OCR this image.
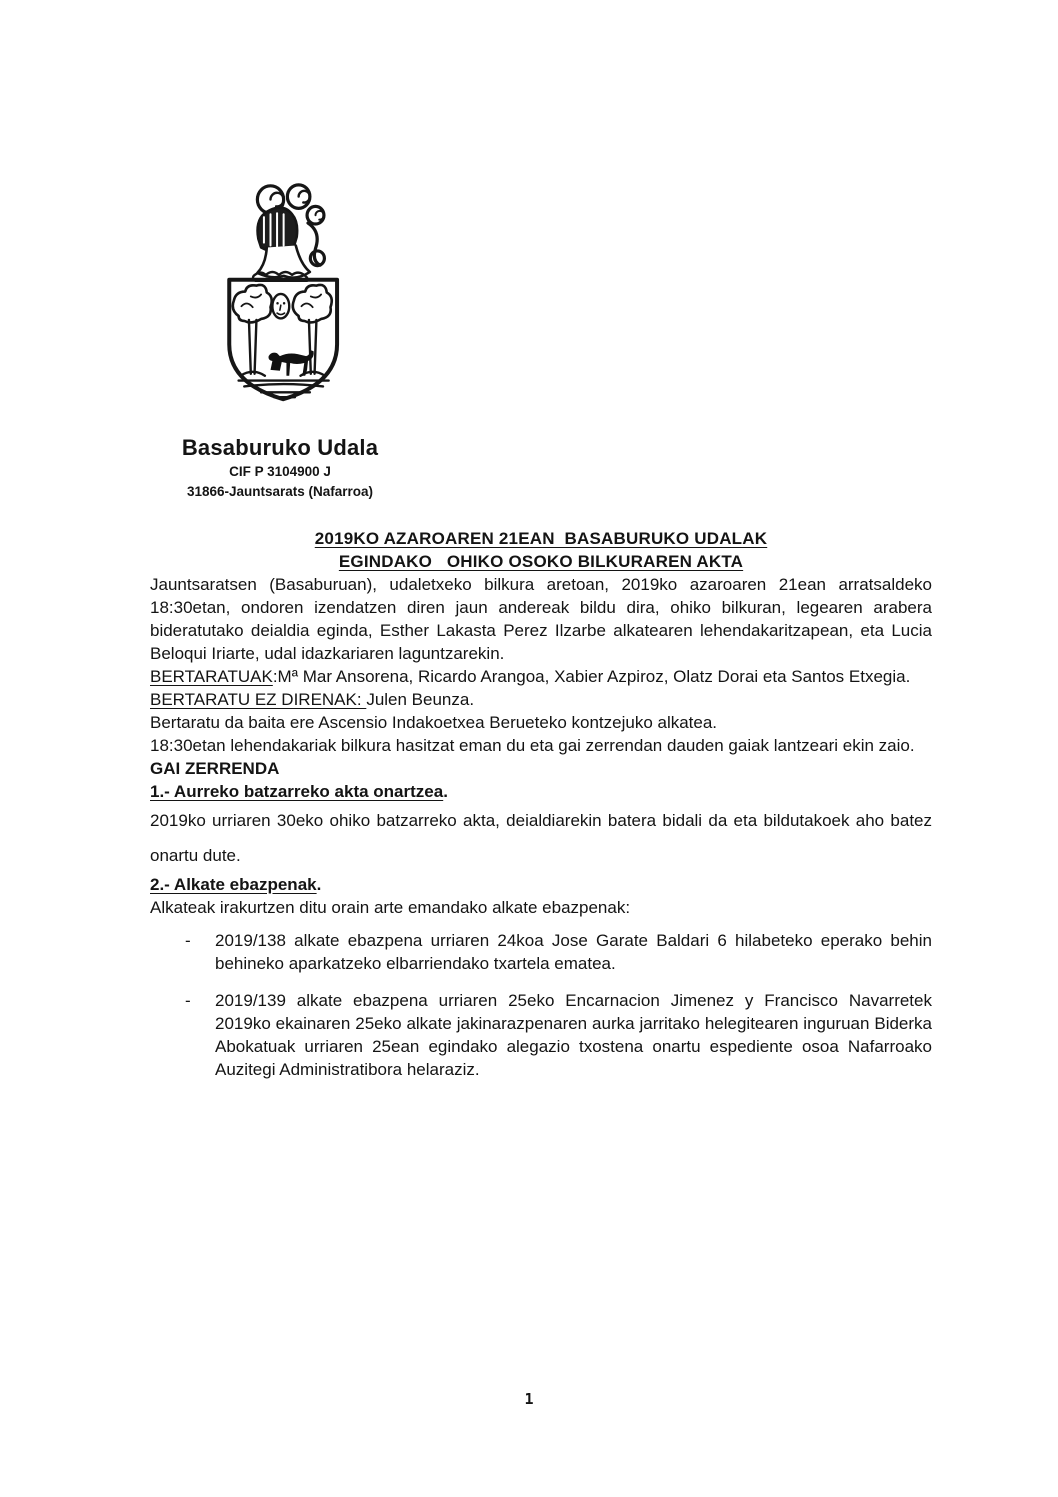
Basaburuko Udala
CIF P 3104900 J
31866-Jauntsarats (Nafarroa)
2019KO AZAROAREN 21EAN  BASABURUKO UDALAK
EGINDAKO   OHIKO OSOKO BILKURAREN AKTA

Jauntsaratsen (Basaburuan), udaletxeko bilkura aretoan, 2019ko azaroaren 21ean arratsaldeko 18:30etan, ondoren izendatzen diren jaun andereak bildu dira, ohiko bilkuran, legearen arabera bideratutako deialdia eginda, Esther Lakasta Perez Ilzarbe alkatearen lehendakaritzapean, eta Lucia Beloqui Iriarte, udal idazkariaren laguntzarekin.

BERTARATUAK:Mª Mar Ansorena, Ricardo Arangoa, Xabier Azpiroz, Olatz Dorai eta Santos Etxegia.

BERTARATU EZ DIRENAK: Julen Beunza.

Bertaratu da baita ere Ascensio Indakoetxea Berueteko kontzejuko alkatea.

18:30etan lehendakariak bilkura hasitzat eman du eta gai zerrendan dauden gaiak lantzeari ekin zaio.

GAI ZERRENDA

1.- Aurreko batzarreko akta onartzea.

2019ko urriaren 30eko ohiko batzarreko akta, deialdiarekin batera bidali da eta bildutakoek aho batez onartu dute.

2.- Alkate ebazpenak.

Alkateak irakurtzen ditu orain arte emandako alkate ebazpenak:

-	2019/138 alkate ebazpena urriaren 24koa Jose Garate Baldari 6 hilabeteko eperako behin behineko aparkatzeko elbarriendako txartela ematea.
-	2019/139 alkate ebazpena urriaren 25eko Encarnacion Jimenez y Francisco Navarretek 2019ko ekainaren 25eko alkate jakinarazpenaren aurka jarritako helegitearen inguruan Biderka Abokatuak urriaren 25ean egindako alegazio txostena onartu espediente osoa Nafarroako Auzitegi Administratibora helaraziz.
1
